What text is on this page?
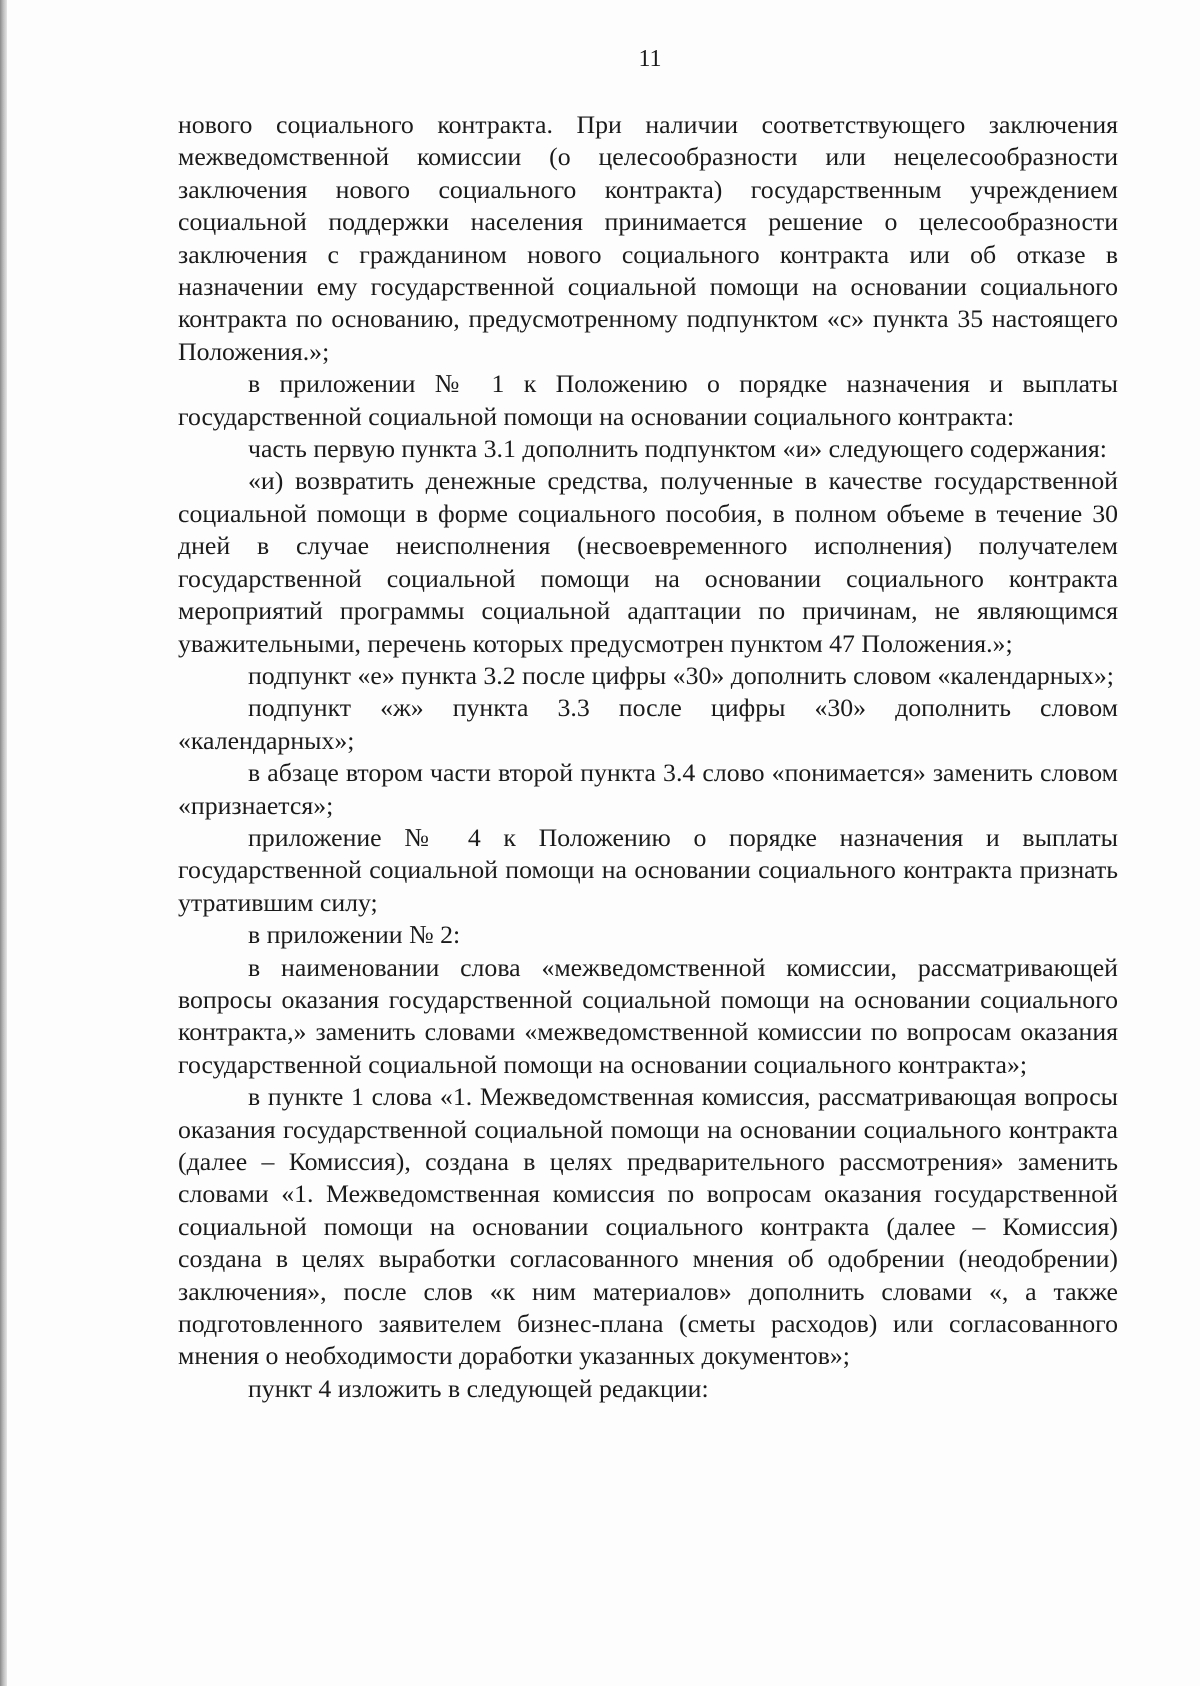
11

нового социального контракта. При наличии соответствующего заключения межведомственной комиссии (о целесообразности или нецелесообразности заключения нового социального контракта) государственным учреждением социальной поддержки населения принимается решение о целесообразности заключения с гражданином нового социального контракта или об отказе в назначении ему государственной социальной помощи на основании социального контракта по основанию, предусмотренному подпунктом «с» пункта 35 настоящего Положения.»;

в приложении № 1 к Положению о порядке назначения и выплаты государственной социальной помощи на основании социального контракта:

часть первую пункта 3.1 дополнить подпунктом «и» следующего содержания:

«и) возвратить денежные средства, полученные в качестве государственной социальной помощи в форме социального пособия, в полном объеме в течение 30 дней в случае неисполнения (несвоевременного исполнения) получателем государственной социальной помощи на основании социального контракта мероприятий программы социальной адаптации по причинам, не являющимся уважительными, перечень которых предусмотрен пунктом 47 Положения.»;

подпункт «е» пункта 3.2 после цифры «30» дополнить словом «календарных»;

подпункт «ж» пункта 3.3 после цифры «30» дополнить словом «календарных»;

в абзаце втором части второй пункта 3.4 слово «понимается» заменить словом «признается»;

приложение № 4 к Положению о порядке назначения и выплаты государственной социальной помощи на основании социального контракта признать утратившим силу;

в приложении № 2:

в наименовании слова «межведомственной комиссии, рассматривающей вопросы оказания государственной социальной помощи на основании социального контракта,» заменить словами «межведомственной комиссии по вопросам оказания государственной социальной помощи на основании социального контракта»;

в пункте 1 слова «1. Межведомственная комиссия, рассматривающая вопросы оказания государственной социальной помощи на основании социального контракта (далее – Комиссия), создана в целях предварительного рассмотрения» заменить словами «1. Межведомственная комиссия по вопросам оказания государственной социальной помощи на основании социального контракта (далее – Комиссия) создана в целях выработки согласованного мнения об одобрении (неодобрении) заключения», после слов «к ним материалов» дополнить словами «, а также подготовленного заявителем бизнес-плана (сметы расходов) или согласованного мнения о необходимости доработки указанных документов»;

пункт 4 изложить в следующей редакции:
